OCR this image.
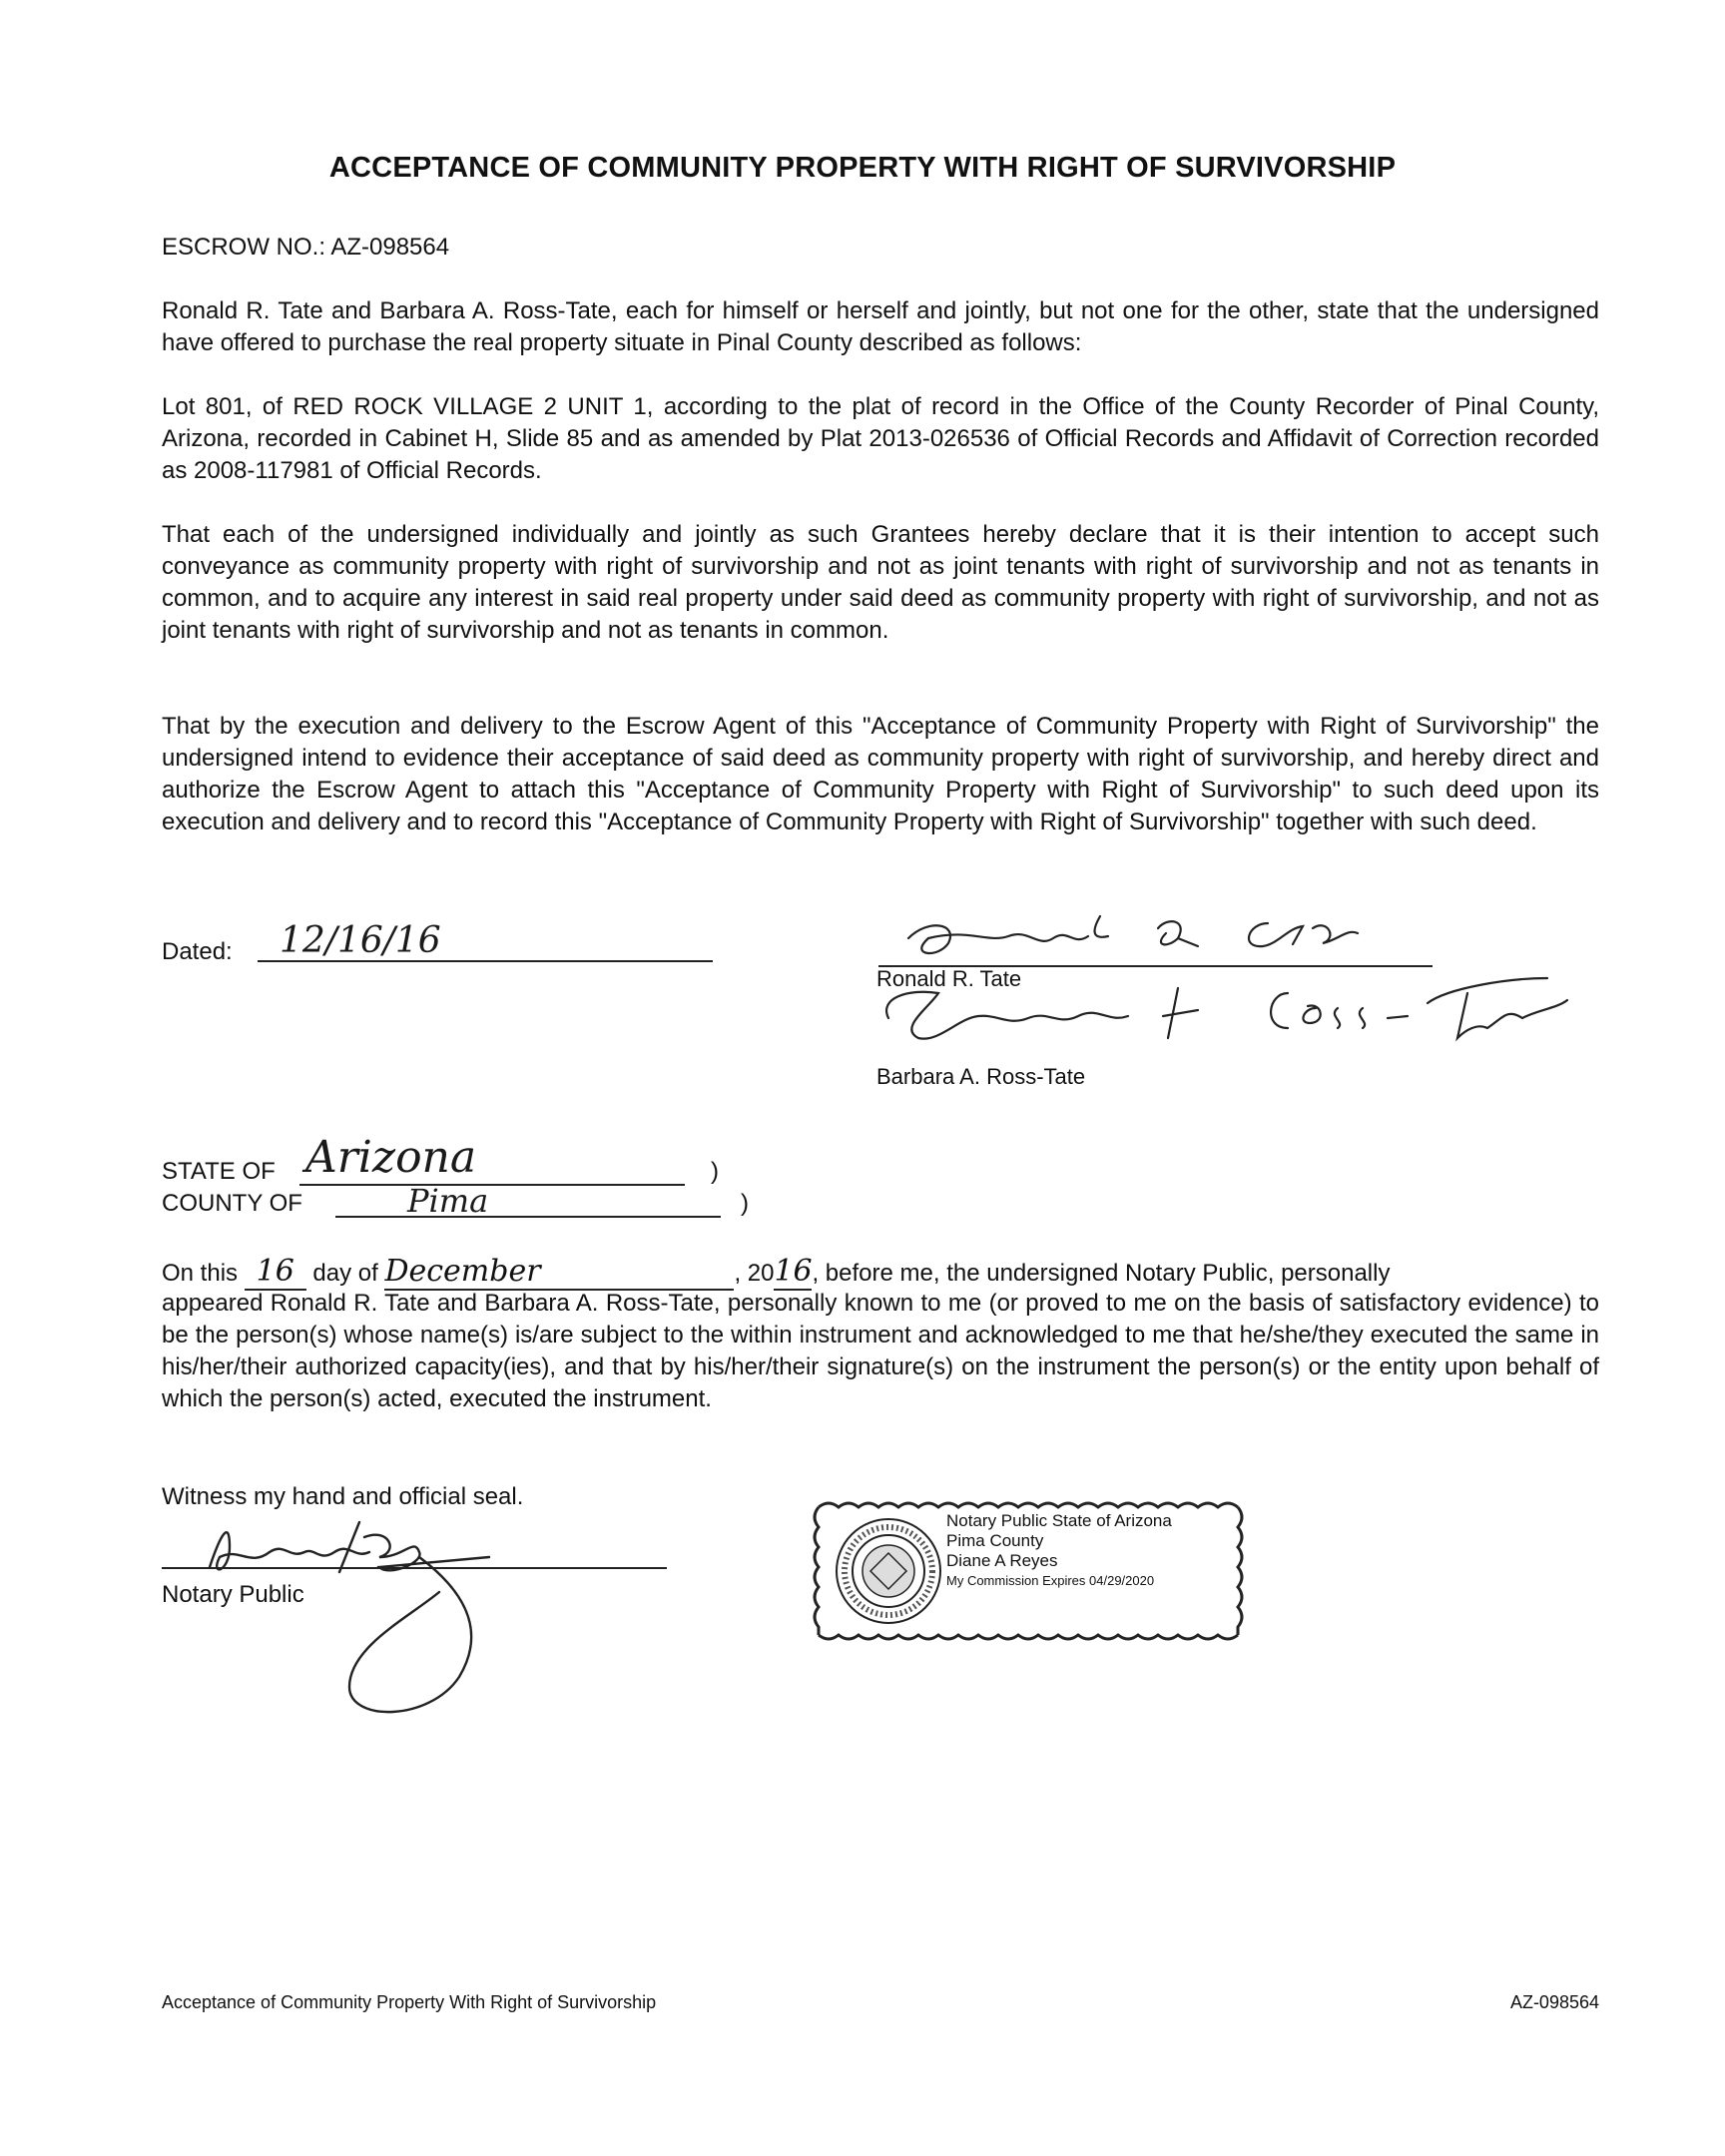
ACCEPTANCE OF COMMUNITY PROPERTY WITH RIGHT OF SURVIVORSHIP
ESCROW NO.: AZ-098564

Ronald R. Tate and Barbara A. Ross-Tate, each for himself or herself and jointly, but not one for the other, state that the undersigned have offered to purchase the real property situate in Pinal County described as follows:

Lot 801, of RED ROCK VILLAGE 2 UNIT 1, according to the plat of record in the Office of the County Recorder of Pinal County, Arizona, recorded in Cabinet H, Slide 85 and as amended by Plat 2013-026536 of Official Records and Affidavit of Correction recorded as 2008-117981 of Official Records.

That each of the undersigned individually and jointly as such Grantees hereby declare that it is their intention to accept such conveyance as community property with right of survivorship and not as joint tenants with right of survivorship and not as tenants in common, and to acquire any interest in said real property under said deed as community property with right of survivorship, and not as joint tenants with right of survivorship and not as tenants in common.

That by the execution and delivery to the Escrow Agent of this "Acceptance of Community Property with Right of Survivorship" the undersigned intend to evidence their acceptance of said deed as community property with right of survivorship, and hereby direct and authorize the Escrow Agent to attach this "Acceptance of Community Property with Right of Survivorship" to such deed upon its execution and delivery and to record this "Acceptance of Community Property with Right of Survivorship" together with such deed.

Dated: 12/16/16
Ronald R. Tate
Barbara A. Ross-Tate
STATE OF Arizona	)
COUNTY OF	Pima	)
On this 16 day of December	, 2016, before me, the undersigned Notary Public, personally

appeared Ronald R. Tate and Barbara A. Ross-Tate, personally known to me (or proved to me on the basis of satisfactory evidence) to be the person(s) whose name(s) is/are subject to the within instrument and acknowledged to me that he/she/they executed the same in his/her/their authorized capacity(ies), and that by his/her/their signature(s) on the instrument the person(s) or the entity upon behalf of which the person(s) acted, executed the instrument.

Witness my hand and official seal.
Notary Public
Notary Public State of Arizona
Pima County
Diane A Reyes
My Commission Expires 04/29/2020
Acceptance of Community Property With Right of Survivorship	AZ-098564
